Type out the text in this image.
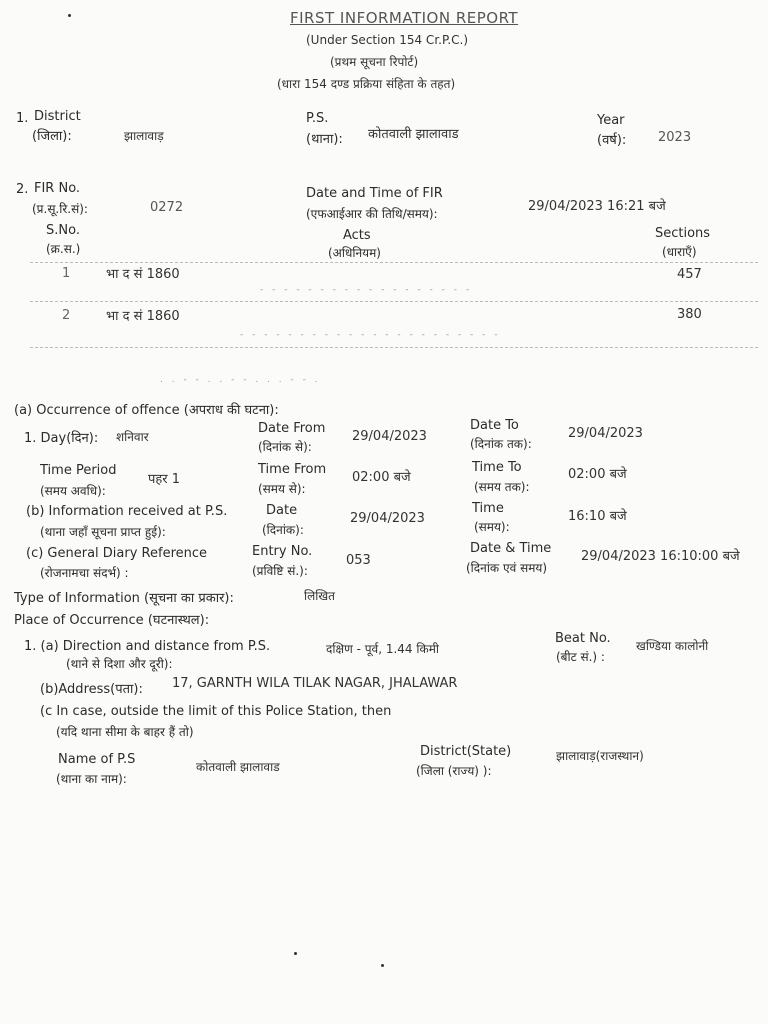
FIRST INFORMATION REPORT
(Under Section 154 Cr.P.C.)
(प्रथम सूचना रिपोर्ट)
(धारा 154 दण्ड प्रक्रिया संहिता के तहत)
1. District
(जिला):	झालावाड़
P.S.
(थाना): कोतवाली झालावाड
Year
(वर्ष): 2023
2. FIR No.
(प्र.सू.रि.सं):	0272
Date and Time of FIR
(एफआईआर की तिथि/समय):	29/04/2023 16:21 बजे
S.No.
(क्र.स.)
Acts
(अधिनियम)
Sections
(धाराएँ)
1	भा द सं 1860	457
2	भा द सं 1860	380
- - - - - - - - - - - - - - - - - -
- - - - - - - - - - - - - - - - - - - - - -
. . - - . . - - . . . - - .
(a) Occurrence of offence (अपराध की घटना):
1. Day(दिन): शनिवार
Date From
(दिनांक से):
29/04/2023
Date To
(दिनांक तक):
29/04/2023
Time Period
(समय अवधि):
पहर 1
Time From
(समय से):
02:00 बजे
Time To
(समय तक):
02:00 बजे
(b) Information received at P.S.
(थाना जहाँ सूचना प्राप्त हुई):
Date
(दिनांक):
29/04/2023
Time
(समय):
16:10 बजे
(c) General Diary Reference
(रोजनामचा संदर्भ) :
Entry No.
(प्रविष्टि सं.):
053
Date & Time
(दिनांक एवं समय)
29/04/2023 16:10:00 बजे
Type of Information (सूचना का प्रकार):	लिखित
Place of Occurrence (घटनास्थल):
1. (a) Direction and distance from P.S.
(थाने से दिशा और दूरी):
दक्षिण - पूर्व, 1.44 किमी
Beat No.
(बीट सं.) :
खण्डिया कालोनी
(b)Address(पता): 17, GARNTH WILA TILAK NAGAR, JHALAWAR
(c In case, outside the limit of this Police Station, then
(यदि थाना सीमा के बाहर हैं तो)
Name of P.S
(थाना का नाम):
कोतवाली झालावाड
District(State)
(जिला (राज्य) ):
झालावाड़(राजस्थान)
